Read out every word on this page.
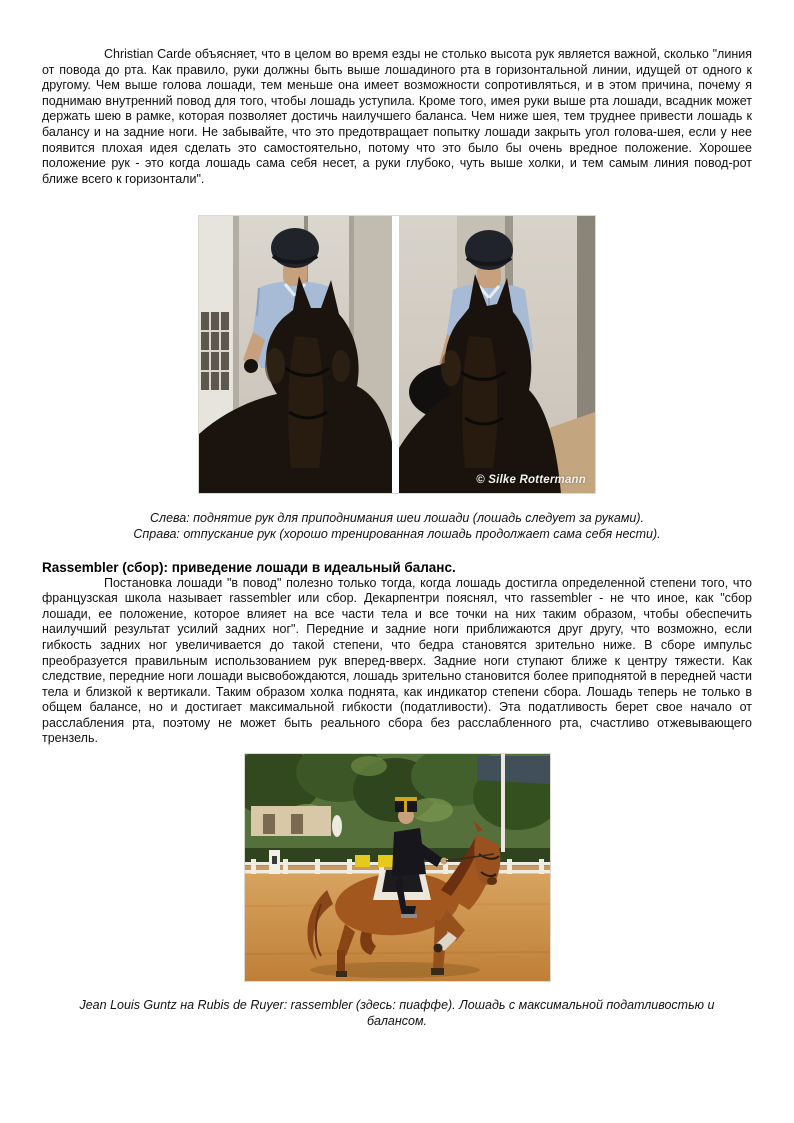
Christian Carde объясняет, что в целом во время езды не столько высота рук является важной, сколько "линия от повода до рта. Как правило, руки должны быть выше лошадиного рта в горизонтальной линии, идущей от одного к другому. Чем выше голова лошади, тем меньше она имеет возможности сопротивляться, и в этом причина, почему я поднимаю внутренний повод для того, чтобы лошадь уступила. Кроме того, имея руки выше рта лошади, всадник может держать шею в рамке, которая позволяет достичь наилучшего баланса. Чем ниже шея, тем труднее привести лошадь к балансу и на задние ноги. Не забывайте, что это предотвращает попытку лошади закрыть угол голова-шея, если у нее появится плохая идея сделать это самостоятельно, потому что это было бы очень вредное положение. Хорошее положение рук - это когда лошадь сама себя несет, а руки глубоко, чуть выше холки, и тем самым линия повод-рот ближе всего к горизонтали".

© Silke Rottermann
Слева: поднятие рук для приподнимания шеи лошади (лошадь следует за руками).
Справа: отпускание рук (хорошо тренированная лошадь продолжает сама себя нести).
Rassembler (сбор): приведение лошади в идеальный баланс.

Постановка лошади "в повод" полезно только тогда, когда лошадь достигла определенной степени того, что французская школа называет rassembler или сбор. Декарпентри пояснял, что rassembler - не что иное, как "сбор лошади, ее положение, которое влияет на все части тела и все точки на них таким образом, чтобы обеспечить наилучший результат усилий задних ног". Передние и задние ноги приближаются друг другу, что возможно, если гибкость задних ног увеличивается до такой степени, что бедра становятся зрительно ниже. В сборе импульс преобразуется правильным использованием рук вперед-вверх. Задние ноги ступают ближе к центру тяжести. Как следствие, передние ноги лошади высвобождаются, лошадь зрительно становится более приподнятой в передней части тела и близкой к вертикали. Таким образом холка поднята, как индикатор степени сбора. Лошадь теперь не только в общем балансе, но и достигает максимальной гибкости (податливости). Эта податливость берет свое начало от расслабления рта, поэтому не может быть реального сбора без расслабленного рта, счастливо отжевывающего трензель.

Jean Louis Guntz на Rubis de Ruyer: rassembler (здесь: пиаффе). Лошадь с максимальной податливостью и балансом.
